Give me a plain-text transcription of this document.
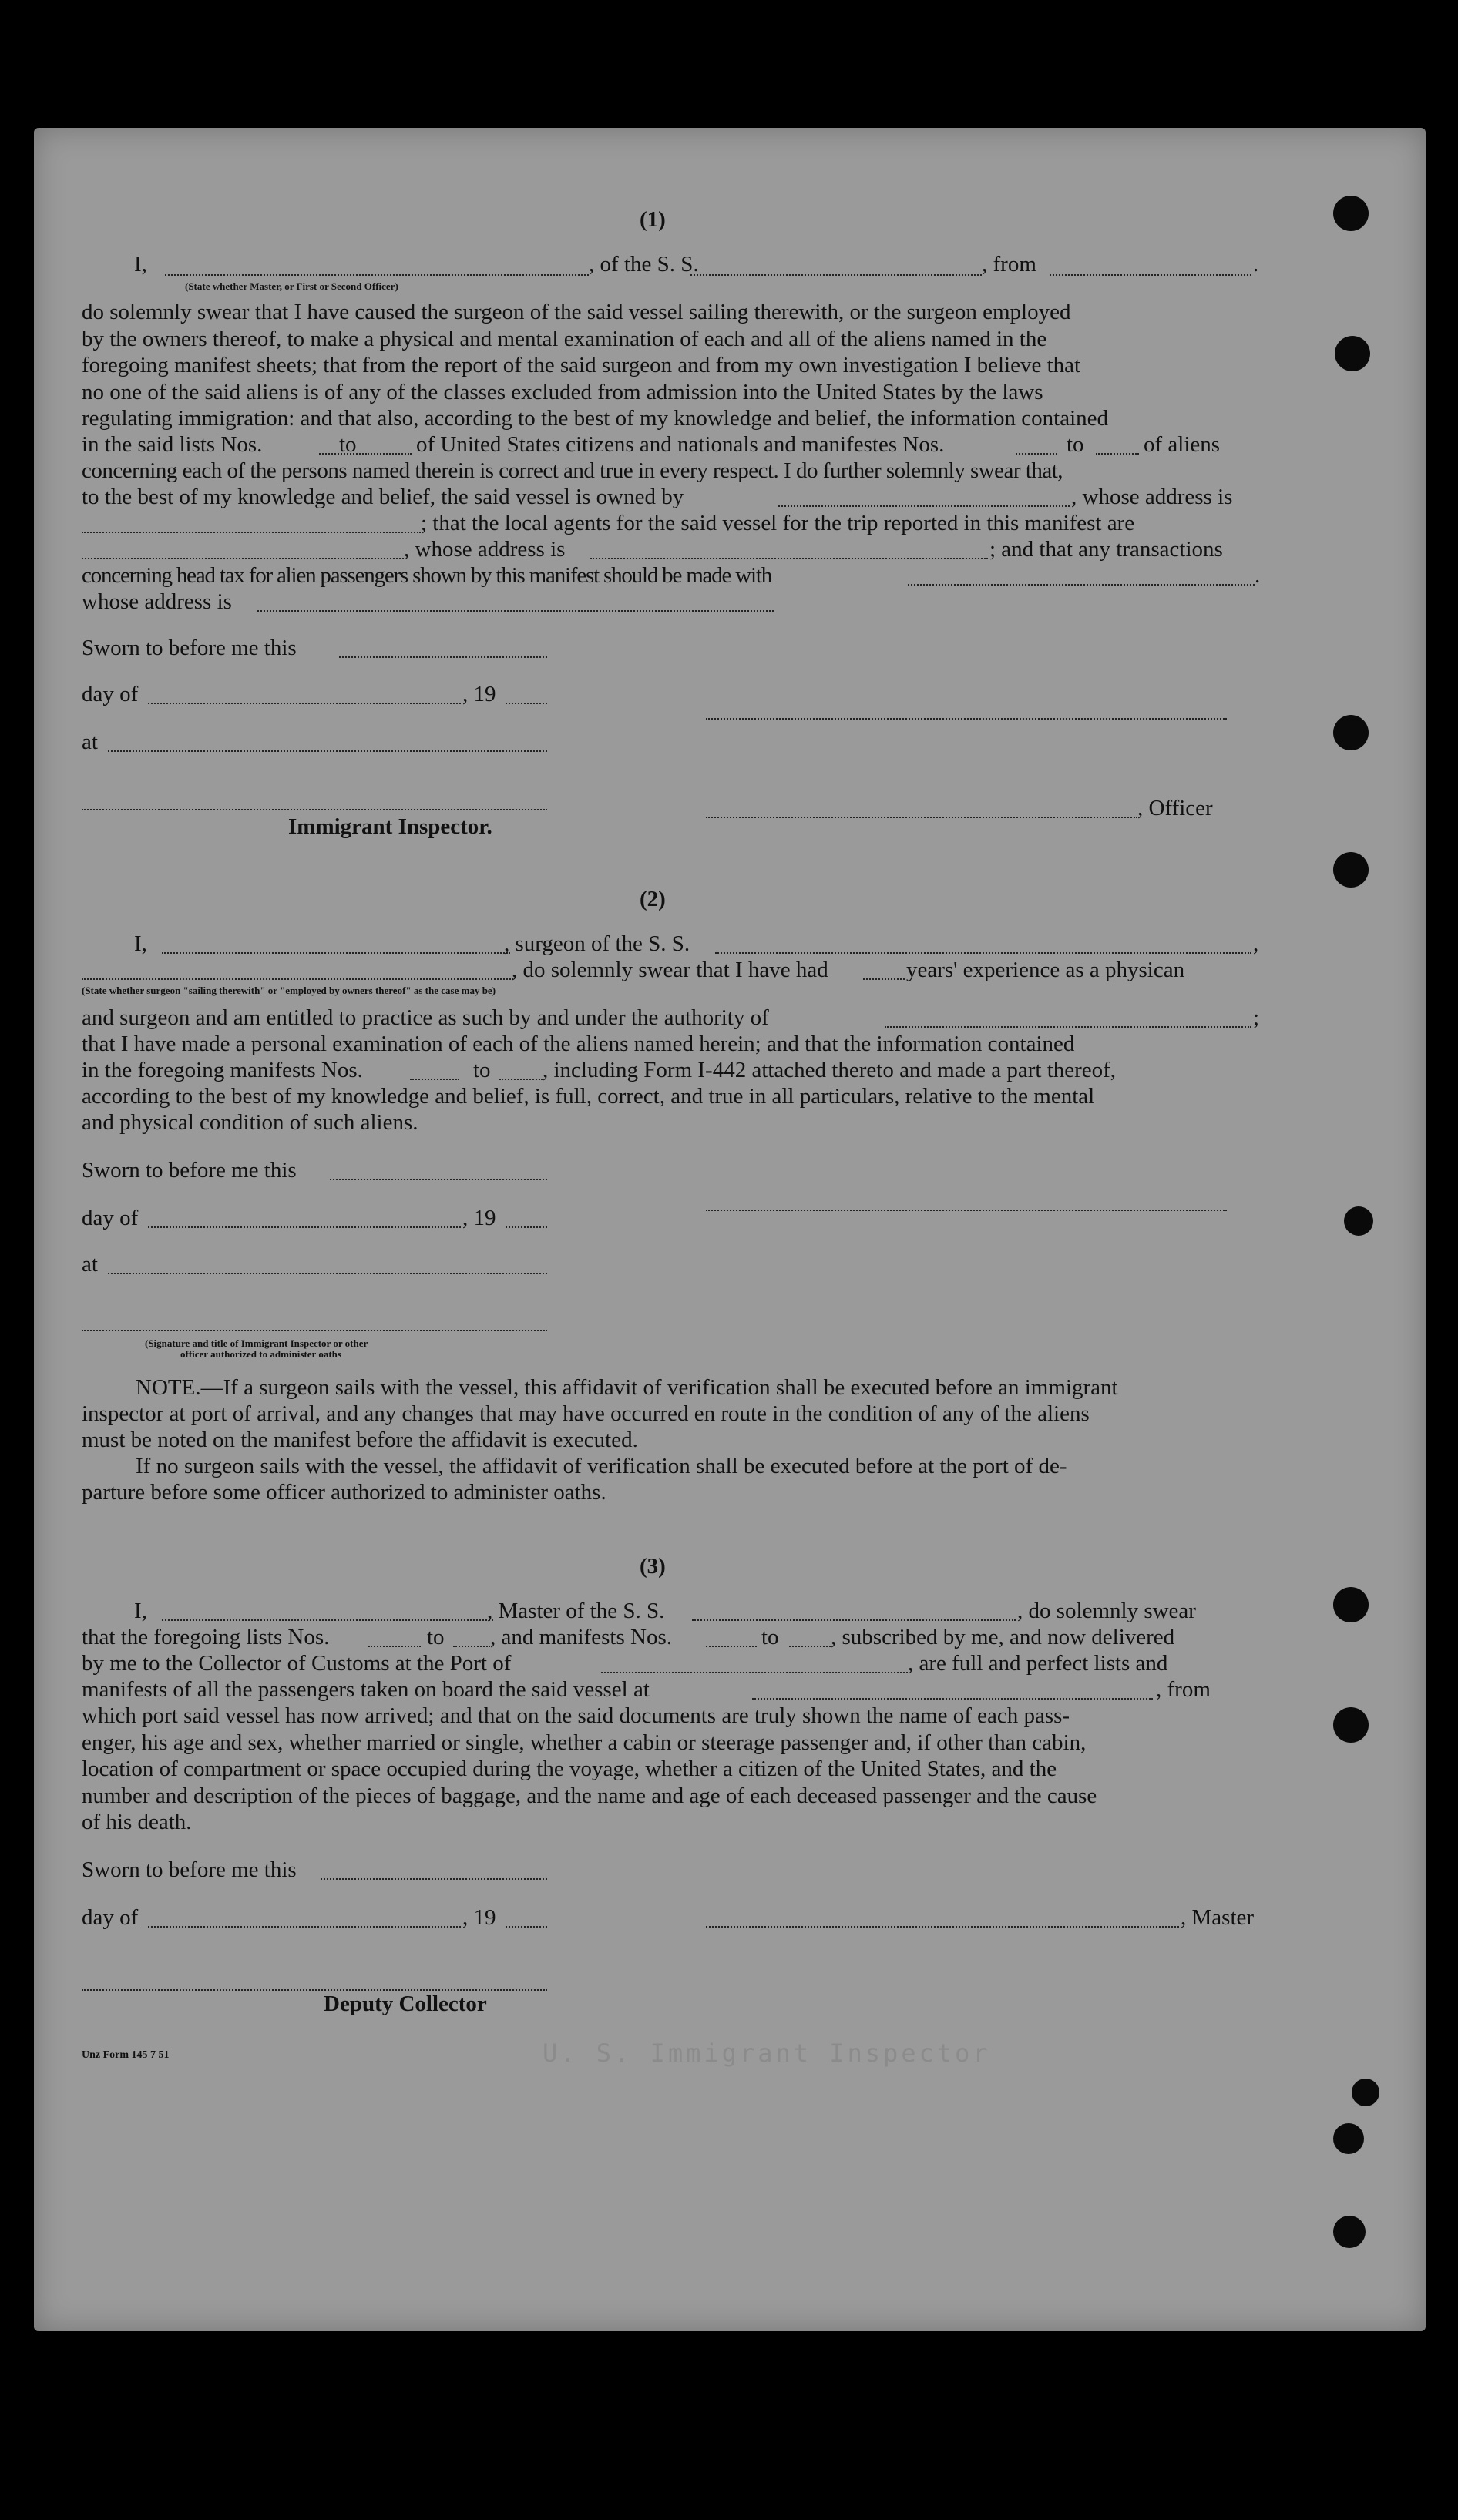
(1)
I,	, of the S. S.	, from	.
(State whether Master, or First or Second Officer)
do solemnly swear that I have caused the surgeon of the said vessel sailing therewith, or the surgeon employed
by the owners thereof, to make a physical and mental examination of each and all of the aliens named in the
foregoing manifest sheets; that from the report of the said surgeon and from my own investigation I believe that
no one of the said aliens is of any of the classes excluded from admission into the United States by the laws
regulating immigration: and that also, according to the best of my knowledge and belief, the information contained
in the said lists Nos.	to	of United States citizens and nationals and manifestes Nos.	to	of aliens
concerning each of the persons named therein is correct and true in every respect. I do further solemnly swear that,
to the best of my knowledge and belief, the said vessel is owned by	, whose address is
; that the local agents for the said vessel for the trip reported in this manifest are
, whose address is	; and that any transactions
concerning head tax for alien passengers shown by this manifest should be made with	.
whose address is
Sworn to before me this
day of	, 19
at
, Officer
Immigrant Inspector.
(2)
I,	, surgeon of the S. S.	,
, do solemnly swear that I have had	years' experience as a physican
(State whether surgeon "sailing therewith" or "employed by owners thereof" as the case may be)
and surgeon and am entitled to practice as such by and under the authority of	;
that I have made a personal examination of each of the aliens named herein; and that the information contained
in the foregoing manifests Nos.	to , including Form I-442 attached thereto and made a part thereof,
according to the best of my knowledge and belief, is full, correct, and true in all particulars, relative to the mental
and physical condition of such aliens.
Sworn to before me this
day of	, 19
at
(Signature and title of Immigrant Inspector or other
officer authorized to administer oaths
NOTE.—If a surgeon sails with the vessel, this affidavit of verification shall be executed before an immigrant
inspector at port of arrival, and any changes that may have occurred en route in the condition of any of the aliens
must be noted on the manifest before the affidavit is executed.
If no surgeon sails with the vessel, the affidavit of verification shall be executed before at the port of de-
parture before some officer authorized to administer oaths.
(3)
I,	, Master of the S. S.	, do solemnly swear
that the foregoing lists Nos.	to , and manifests Nos.	to , subscribed by me, and now delivered
by me to the Collector of Customs at the Port of	, are full and perfect lists and
manifests of all the passengers taken on board the said vessel at	, from
which port said vessel has now arrived; and that on the said documents are truly shown the name of each pass-
enger, his age and sex, whether married or single, whether a cabin or steerage passenger and, if other than cabin,
location of compartment or space occupied during the voyage, whether a citizen of the United States, and the
number and description of the pieces of baggage, and the name and age of each deceased passenger and the cause
of his death.
Sworn to before me this
day of	, 19	, Master
Deputy Collector
Unz Form 145 7 51	U. S. Immigrant Inspector
